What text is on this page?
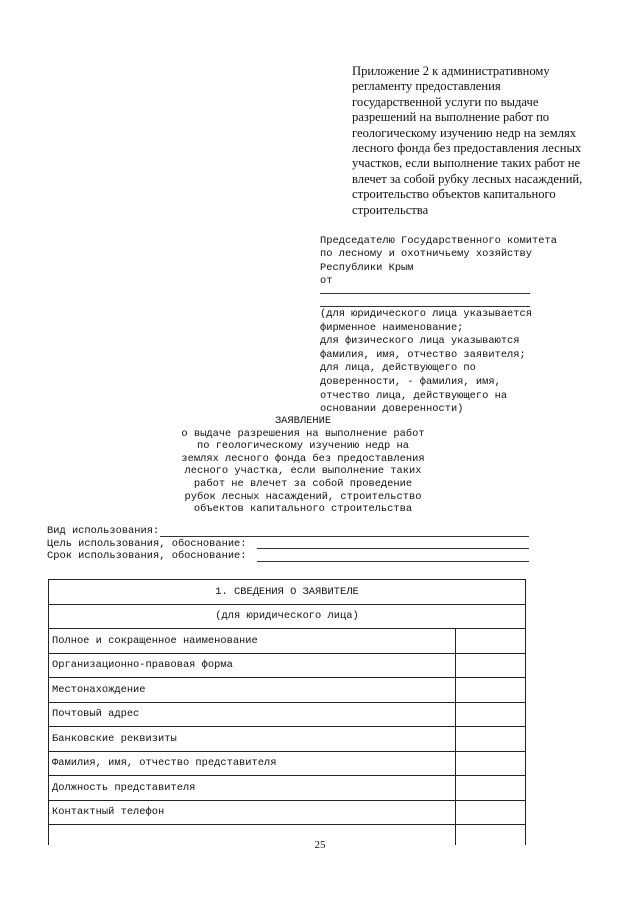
Приложение 2 к административному
регламенту предоставления
государственной услуги по выдаче
разрешений на выполнение работ по
геологическому изучению недр на землях
лесного фонда без предоставления лесных
участков, если выполнение таких работ не
влечет за собой рубку лесных насаждений,
строительство объектов капитального
строительства
Председателю Государственного комитета
по лесному и охотничьему хозяйству
Республики Крым
от
(для юридического лица указывается
фирменное наименование;
для физического лица указываются
фамилия, имя, отчество заявителя;
для лица, действующего по
доверенности, - фамилия, имя,
отчество лица, действующего на
основании доверенности)
ЗАЯВЛЕНИЕ
о выдаче разрешения на выполнение работ
по геологическому изучению недр на
землях лесного фонда без предоставления
лесного участка, если выполнение таких
работ не влечет за собой проведение
рубок лесных насаждений, строительство
объектов капитального строительства
Вид использования:
Цель использования, обоснование:
Срок использования, обоснование:
1. СВЕДЕНИЯ О ЗАЯВИТЕЛЕ	
(для юридического лица)	
Полное и сокращенное наименование	
Организационно-правовая форма	
Местонахождение	
Почтовый адрес	
Банковские реквизиты	
Фамилия, имя, отчество представителя	
Должность представителя	
Контактный телефон	

25
